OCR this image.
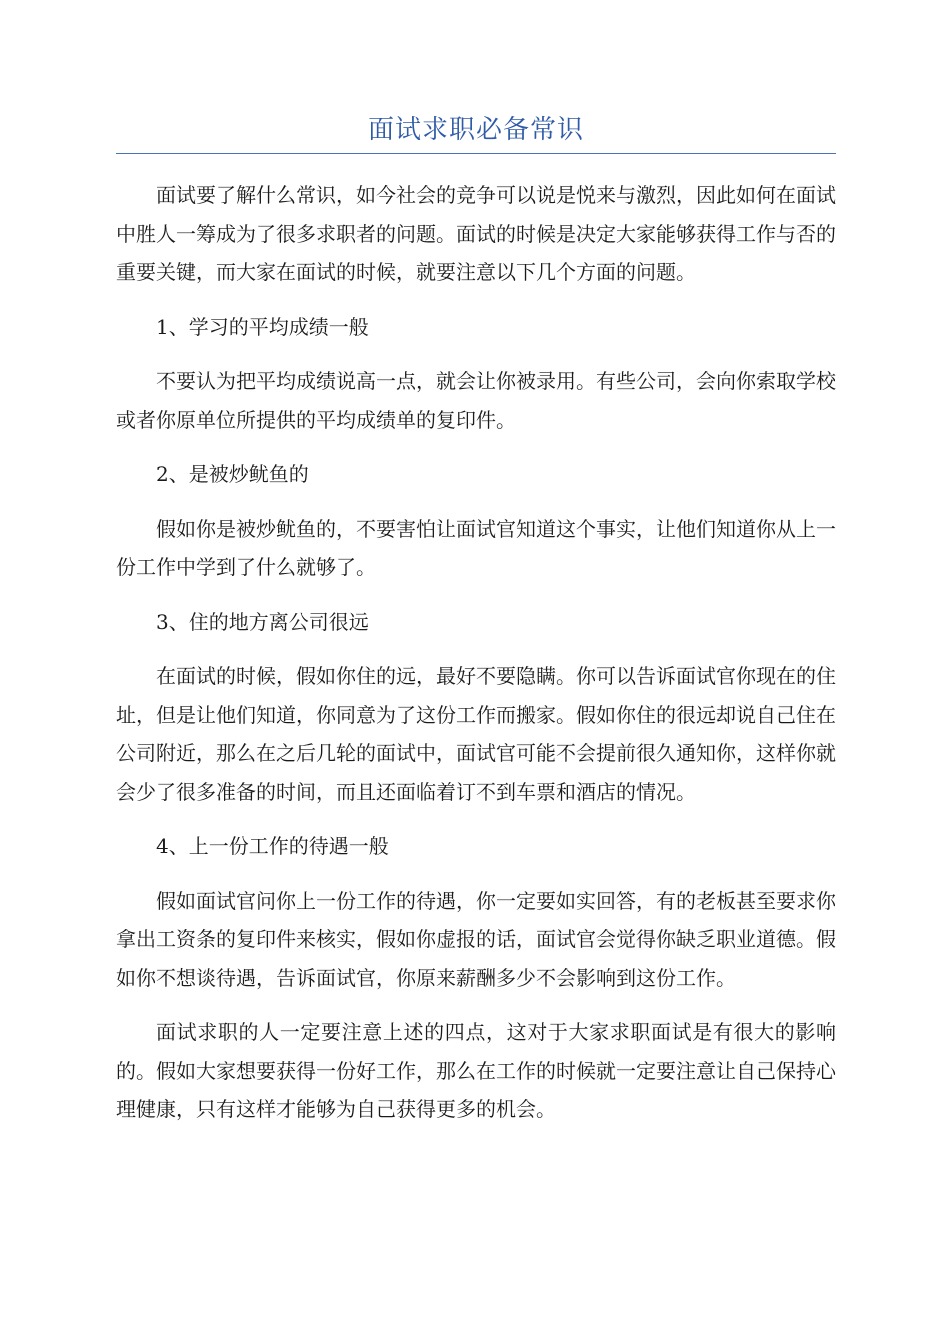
面试求职必备常识

面试要了解什么常识，如今社会的竞争可以说是悦来与激烈，因此如何在面试中胜人一筹成为了很多求职者的问题。面试的时候是决定大家能够获得工作与否的重要关键，而大家在面试的时候，就要注意以下几个方面的问题。

1、学习的平均成绩一般

不要认为把平均成绩说高一点，就会让你被录用。有些公司，会向你索取学校或者你原单位所提供的平均成绩单的复印件。

2、是被炒鱿鱼的

假如你是被炒鱿鱼的，不要害怕让面试官知道这个事实，让他们知道你从上一份工作中学到了什么就够了。

3、住的地方离公司很远

在面试的时候，假如你住的远，最好不要隐瞒。你可以告诉面试官你现在的住址，但是让他们知道，你同意为了这份工作而搬家。假如你住的很远却说自己住在公司附近，那么在之后几轮的面试中，面试官可能不会提前很久通知你，这样你就会少了很多准备的时间，而且还面临着订不到车票和酒店的情况。

4、上一份工作的待遇一般

假如面试官问你上一份工作的待遇，你一定要如实回答，有的老板甚至要求你拿出工资条的复印件来核实，假如你虚报的话，面试官会觉得你缺乏职业道德。假如你不想谈待遇，告诉面试官，你原来薪酬多少不会影响到这份工作。

面试求职的人一定要注意上述的四点，这对于大家求职面试是有很大的影响的。假如大家想要获得一份好工作，那么在工作的时候就一定要注意让自己保持心理健康，只有这样才能够为自己获得更多的机会。
